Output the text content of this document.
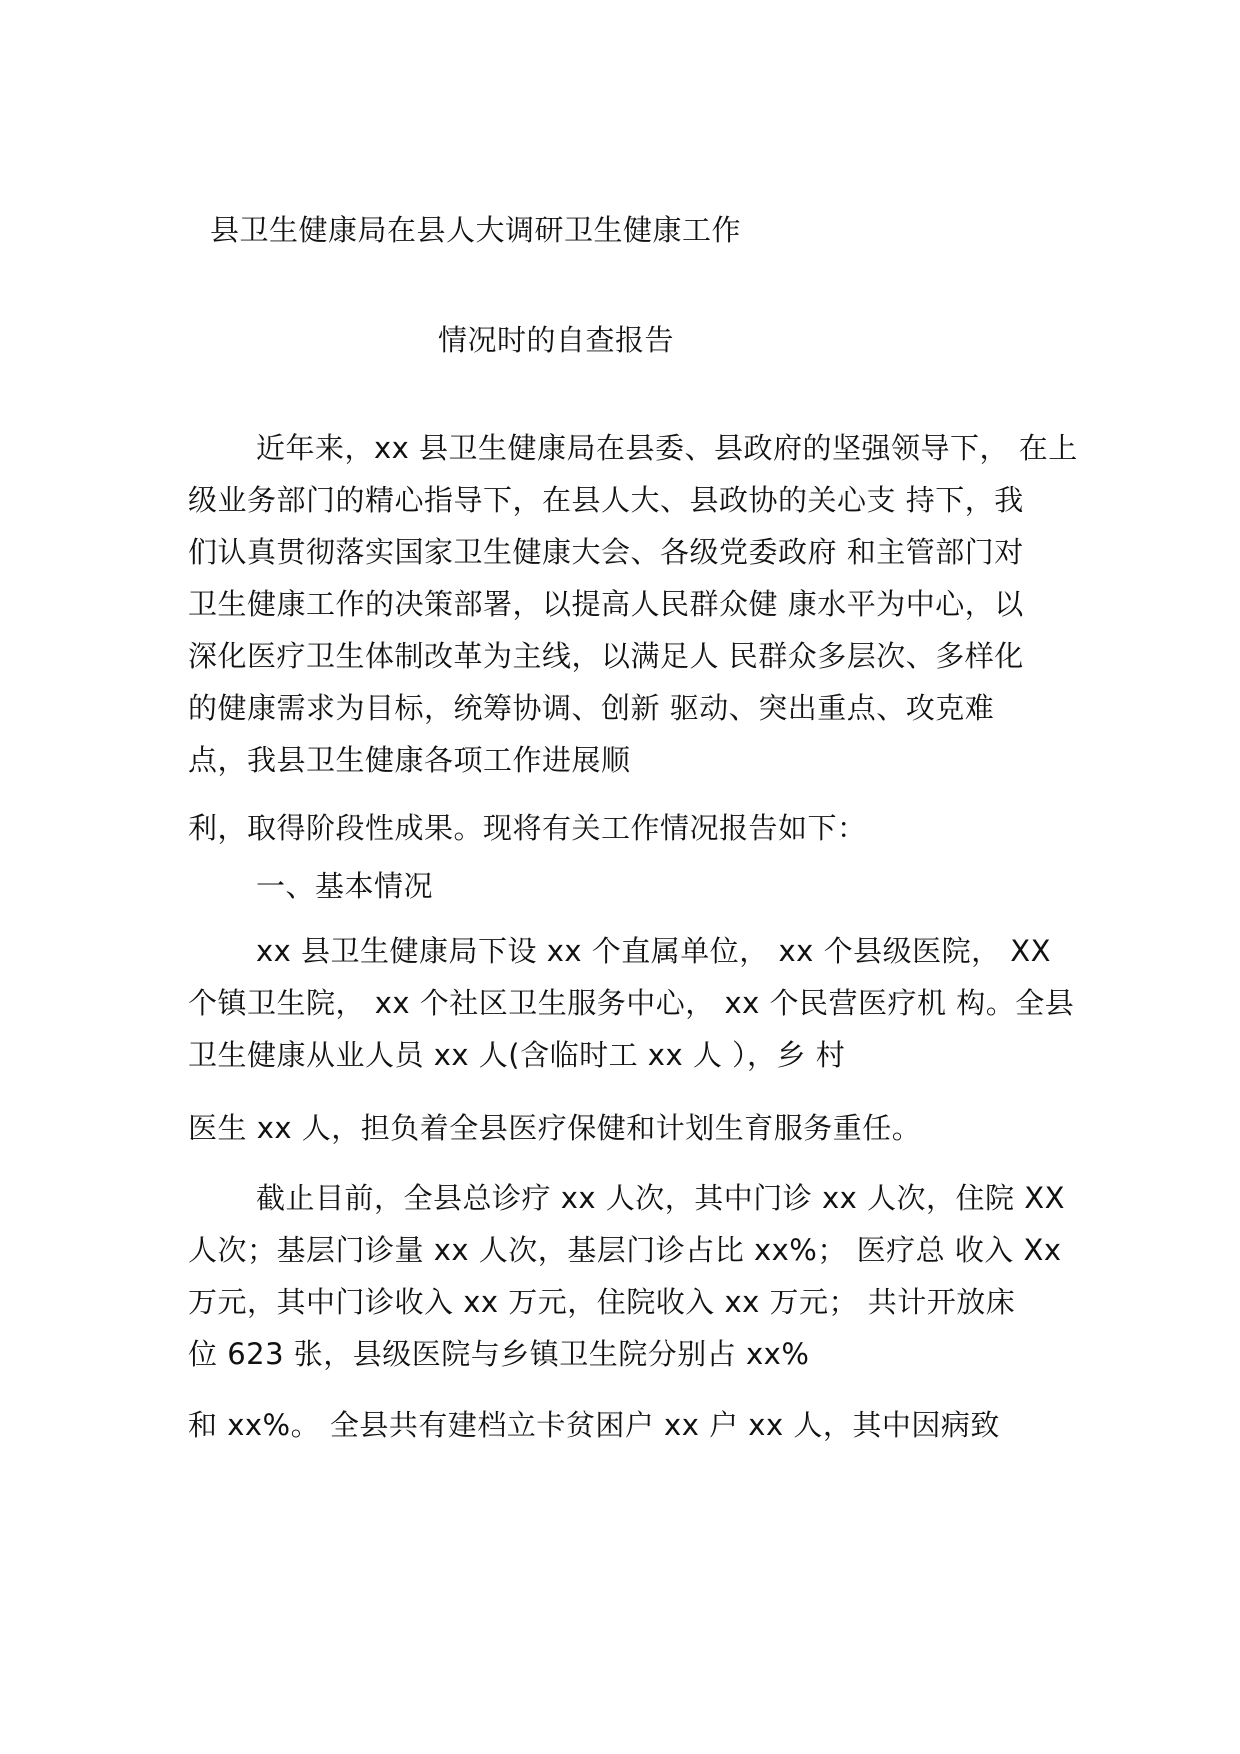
县卫生健康局在县人大调研卫生健康工作
情况时的自查报告
近年来，xx 县卫生健康局在县委、县政府的坚强领导下， 在上
级业务部门的精心指导下，在县人大、县政协的关心支 持下，我
们认真贯彻落实国家卫生健康大会、各级党委政府 和主管部门对
卫生健康工作的决策部署，以提高人民群众健 康水平为中心，以
深化医疗卫生体制改革为主线，以满足人 民群众多层次、多样化
的健康需求为目标，统筹协调、创新 驱动、突出重点、攻克难
点，我县卫生健康各项工作进展顺
利，取得阶段性成果。现将有关工作情况报告如下：
一、基本情况
xx 县卫生健康局下设 xx 个直属单位， xx 个县级医院， XX
个镇卫生院， xx 个社区卫生服务中心， xx 个民营医疗机 构。全县
卫生健康从业人员 xx 人(含临时工 xx 人 ），乡 村
医生 xx 人，担负着全县医疗保健和计划生育服务重任。
截止目前，全县总诊疗 xx 人次，其中门诊 xx 人次，住院 XX
人次；基层门诊量 xx 人次，基层门诊占比 xx%； 医疗总 收入 Xx
万元，其中门诊收入 xx 万元，住院收入 xx 万元； 共计开放床
位 623 张，县级医院与乡镇卫生院分别占 xx%
和 xx%。 全县共有建档立卡贫困户 xx 户 xx 人，其中因病致
